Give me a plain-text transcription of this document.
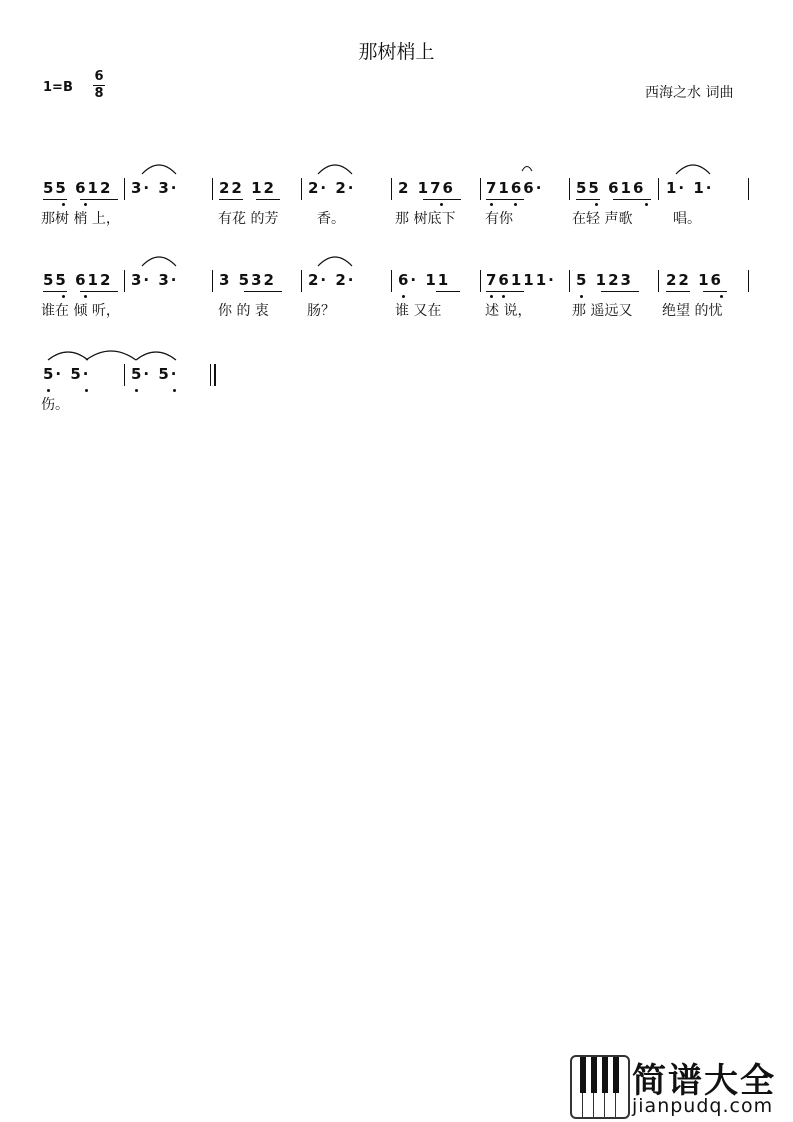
那树梢上
1=B
6
8	西海之水 词曲
55 612 3· 3·	22 12 2· 2·	2 176 7166· 55 616 1· 1·
那树 梢 上，	有花 的芳	香。	那 树底下 有你	在轻 声歌	唱。
55 612 3· 3·	3 532 2· 2·	6· 11 76111· 5 123 22 16
谁在 倾 听，	你 的 衷	肠？	谁 又在	述 说，	那 遥远又 绝望 的忧
5· 5·	5· 5·
伤。
简谱大全
jianpudq.com
